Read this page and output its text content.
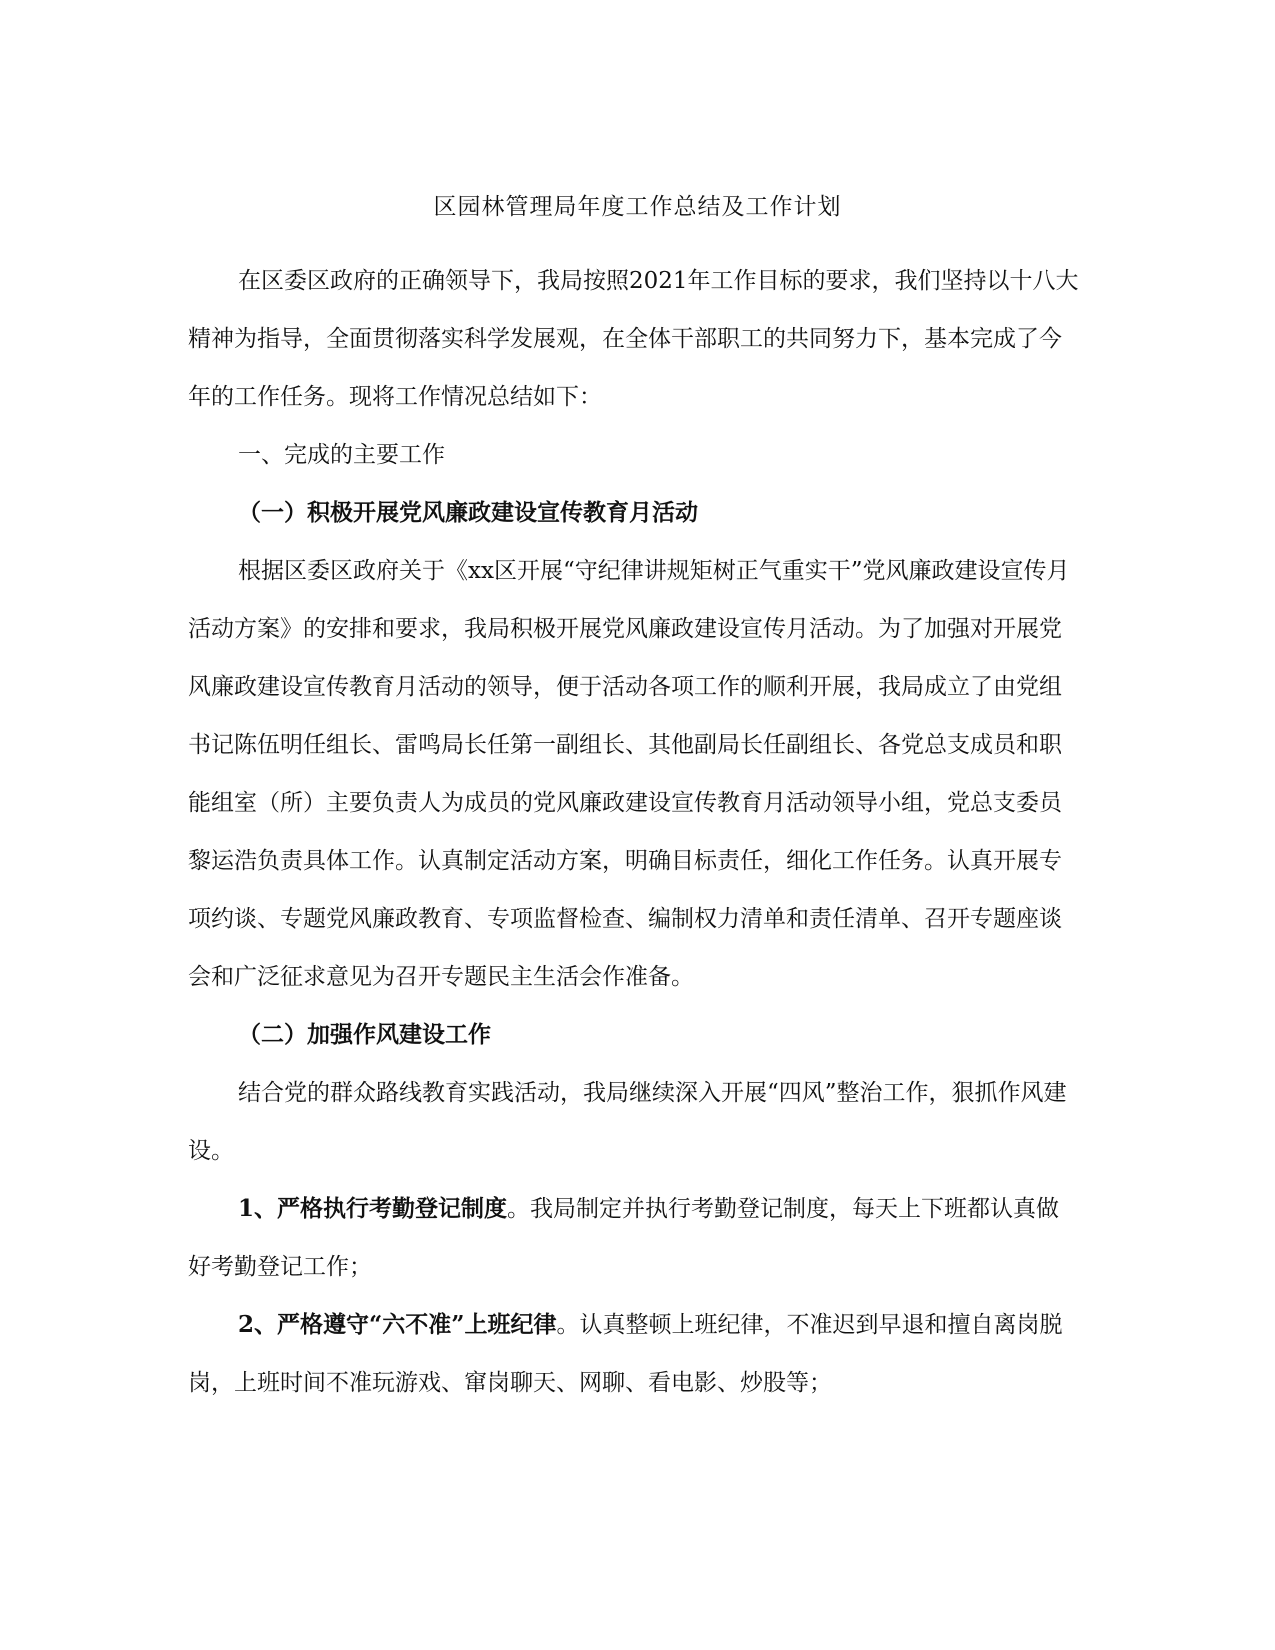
区园林管理局年度工作总结及工作计划

在区委区政府的正确领导下，我局按照2021年工作目标的要求，我们坚持以十八大精神为指导，全面贯彻落实科学发展观，在全体干部职工的共同努力下，基本完成了今年的工作任务。现将工作情况总结如下：

一、完成的主要工作

（一）积极开展党风廉政建设宣传教育月活动

根据区委区政府关于《xx区开展“守纪律讲规矩树正气重实干”党风廉政建设宣传月活动方案》的安排和要求，我局积极开展党风廉政建设宣传月活动。为了加强对开展党风廉政建设宣传教育月活动的领导，便于活动各项工作的顺利开展，我局成立了由党组书记陈伍明任组长、雷鸣局长任第一副组长、其他副局长任副组长、各党总支成员和职能组室（所）主要负责人为成员的党风廉政建设宣传教育月活动领导小组，党总支委员黎运浩负责具体工作。认真制定活动方案，明确目标责任，细化工作任务。认真开展专项约谈、专题党风廉政教育、专项监督检查、编制权力清单和责任清单、召开专题座谈会和广泛征求意见为召开专题民主生活会作准备。

（二）加强作风建设工作

结合党的群众路线教育实践活动，我局继续深入开展“四风”整治工作，狠抓作风建设。

1、严格执行考勤登记制度。我局制定并执行考勤登记制度，每天上下班都认真做好考勤登记工作；

2、严格遵守“六不准”上班纪律。认真整顿上班纪律，不准迟到早退和擅自离岗脱岗，上班时间不准玩游戏、窜岗聊天、网聊、看电影、炒股等；
